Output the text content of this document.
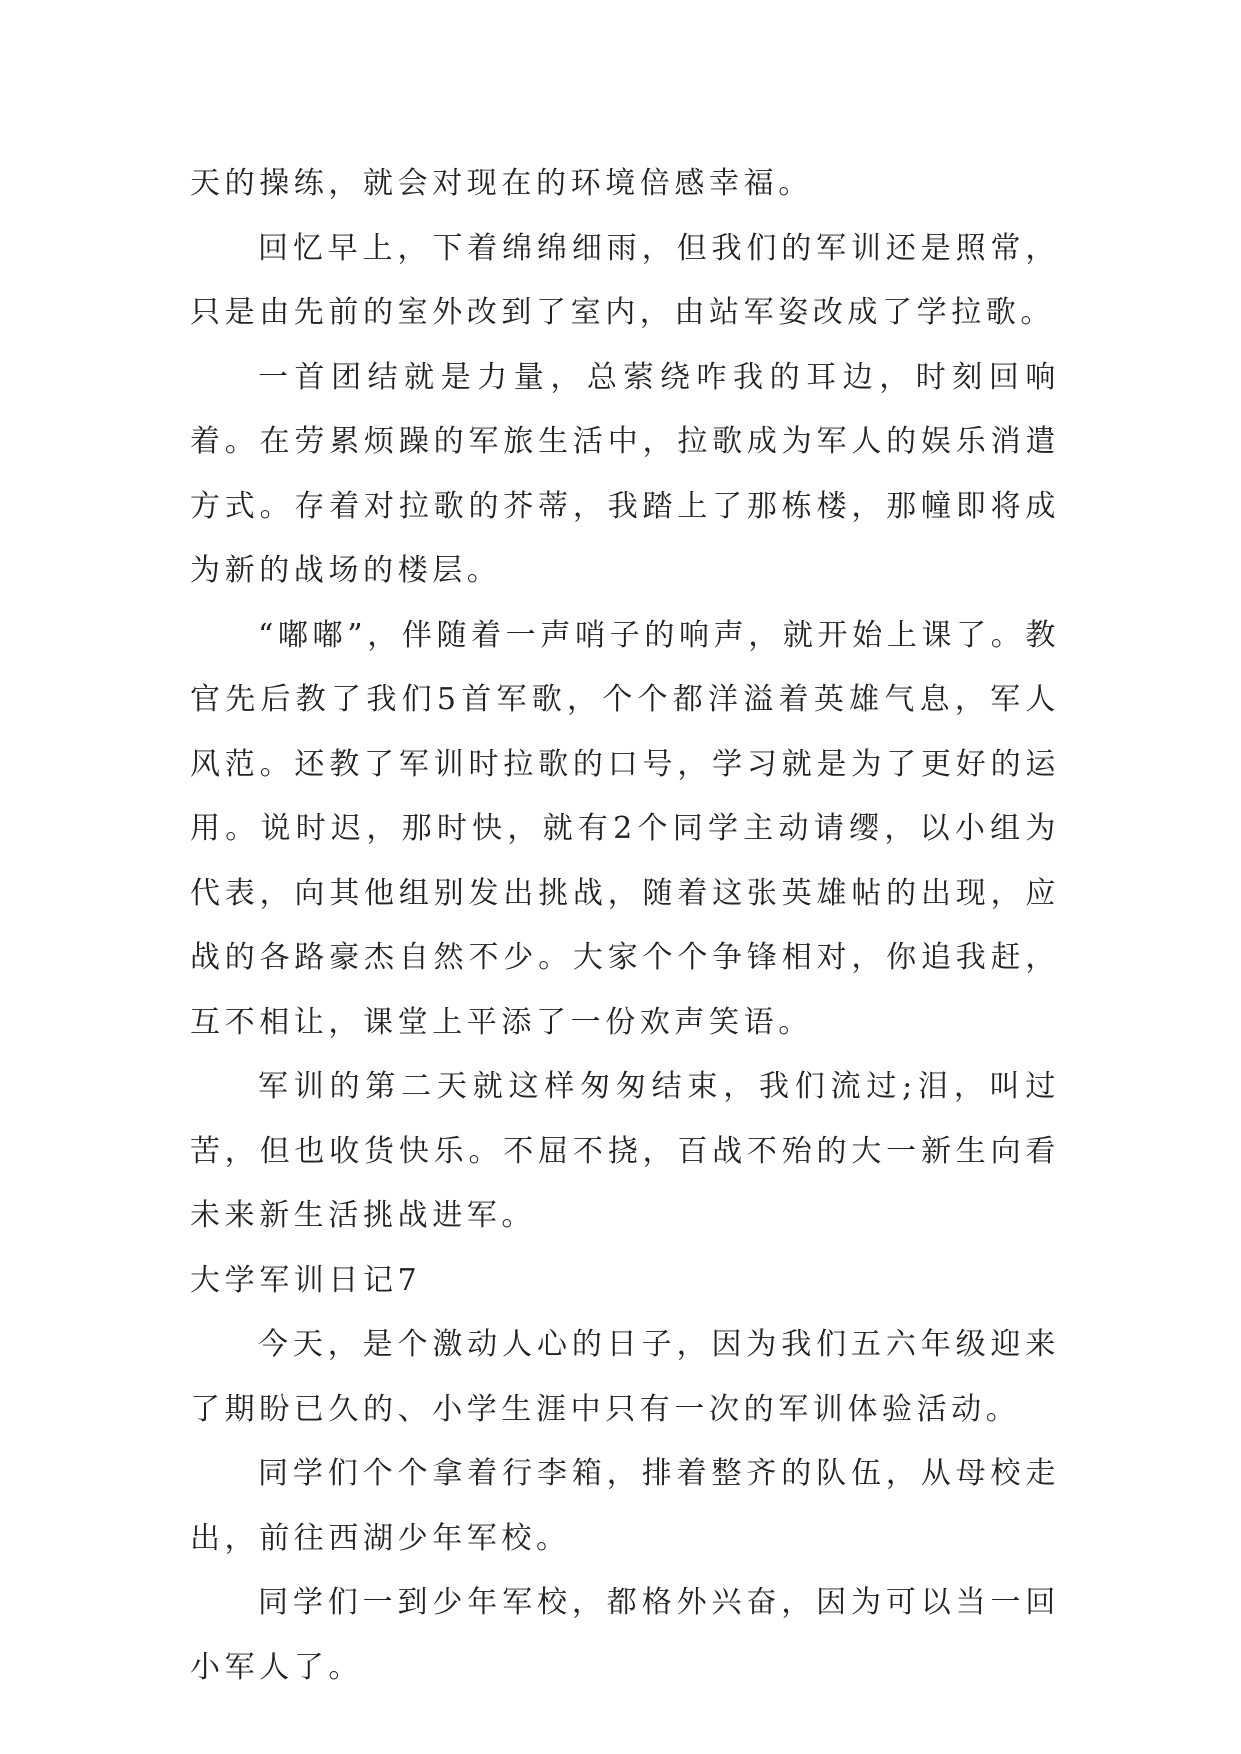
天的操练，就会对现在的环境倍感幸福。

回忆早上，下着绵绵细雨，但我们的军训还是照常，只是由先前的室外改到了室内，由站军姿改成了学拉歌。

一首团结就是力量，总萦绕咋我的耳边，时刻回响着。在劳累烦躁的军旅生活中，拉歌成为军人的娱乐消遣方式。存着对拉歌的芥蒂，我踏上了那栋楼，那幢即将成为新的战场的楼层。

“嘟嘟”，伴随着一声哨子的响声，就开始上课了。教官先后教了我们5首军歌，个个都洋溢着英雄气息，军人风范。还教了军训时拉歌的口号，学习就是为了更好的运用。说时迟，那时快，就有2个同学主动请缨，以小组为代表，向其他组别发出挑战，随着这张英雄帖的出现，应战的各路豪杰自然不少。大家个个争锋相对，你追我赶，互不相让，课堂上平添了一份欢声笑语。

军训的第二天就这样匆匆结束，我们流过;泪，叫过苦，但也收货快乐。不屈不挠，百战不殆的大一新生向看未来新生活挑战进军。

大学军训日记7

今天，是个激动人心的日子，因为我们五六年级迎来了期盼已久的、小学生涯中只有一次的军训体验活动。

同学们个个拿着行李箱，排着整齐的队伍，从母校走出，前往西湖少年军校。

同学们一到少年军校，都格外兴奋，因为可以当一回小军人了。
